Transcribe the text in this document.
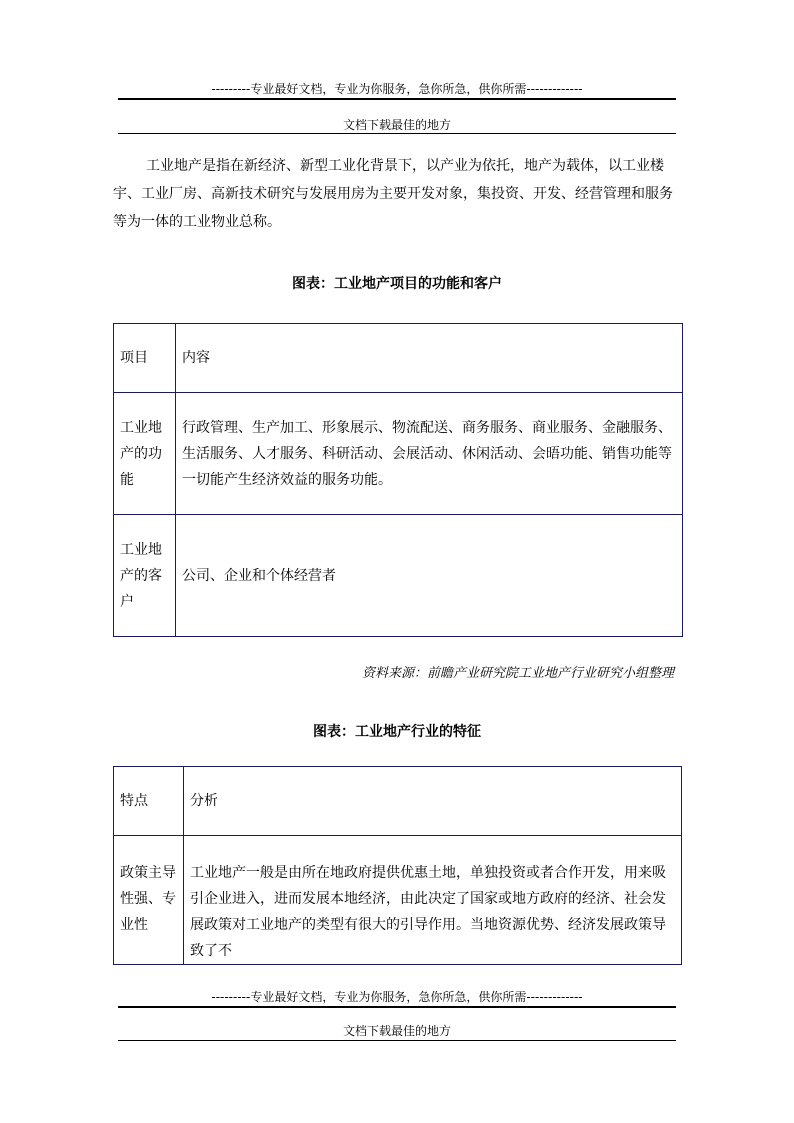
---------专业最好文档，专业为你服务，急你所急，供你所需-------------
文档下载最佳的地方

工业地产是指在新经济、新型工业化背景下，以产业为依托，地产为载体，以工业楼宇、工业厂房、高新技术研究与发展用房为主要开发对象，集投资、开发、经营管理和服务等为一体的工业物业总称。

图表：工业地产项目的功能和客户
项目	内容
工业地产的功能	行政管理、生产加工、形象展示、物流配送、商务服务、商业服务、金融服务、生活服务、人才服务、科研活动、会展活动、休闲活动、会晤功能、销售功能等一切能产生经济效益的服务功能。
工业地产的客户	公司、企业和个体经营者
资料来源：前瞻产业研究院工业地产行业研究小组整理
图表：工业地产行业的特征
特点	分析
政策主导性强、专业性	工业地产一般是由所在地政府提供优惠土地，单独投资或者合作开发，用来吸引企业进入，进而发展本地经济，由此决定了国家或地方政府的经济、社会发展政策对工业地产的类型有很大的引导作用。当地资源优势、经济发展政策导致了不
---------专业最好文档，专业为你服务，急你所急，供你所需-------------
文档下载最佳的地方
